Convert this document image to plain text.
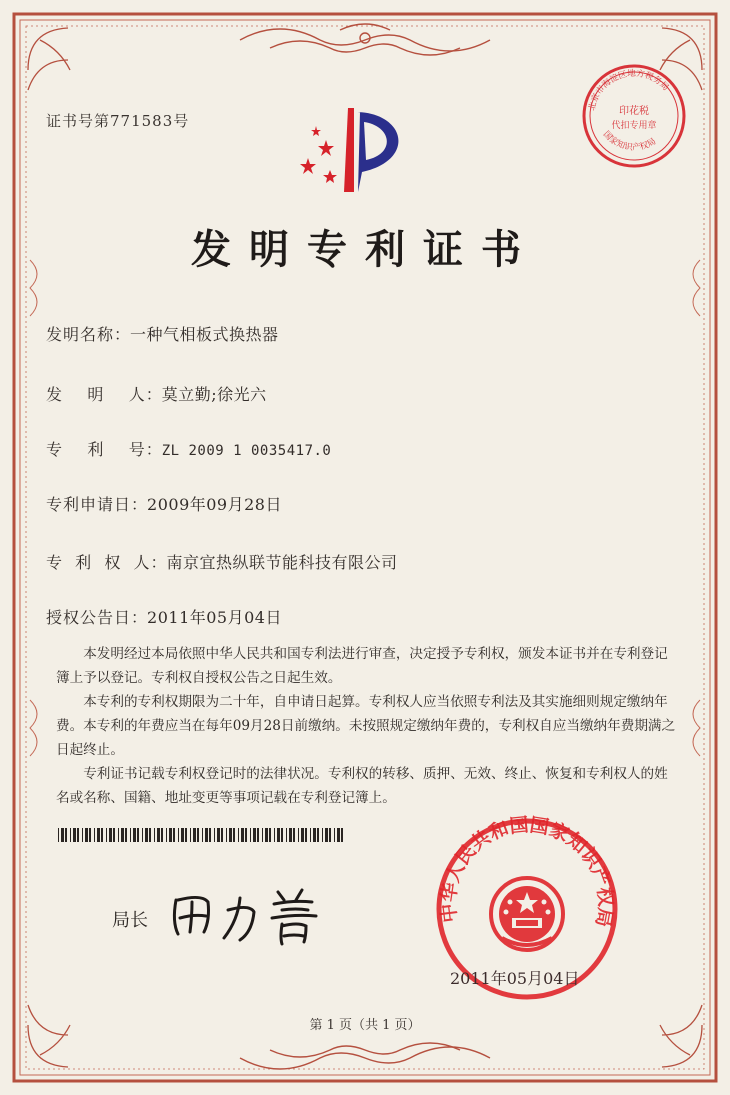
证书号第771583号
北京市海淀区地方税务局
印花税
代扣专用章
国家知识产权局
发明专利证书
发明名称：一种气相板式换热器
发    明    人：莫立勤;徐光六
专    利    号：ZL 2009 1 0035417.0
专利申请日：2009年09月28日
专  利  权  人：南京宜热纵联节能科技有限公司
授权公告日：2011年05月04日

本发明经过本局依照中华人民共和国专利法进行审查，决定授予专利权，颁发本证书并在专利登记簿上予以登记。专利权自授权公告之日起生效。

本专利的专利权期限为二十年，自申请日起算。专利权人应当依照专利法及其实施细则规定缴纳年费。本专利的年费应当在每年09月28日前缴纳。未按照规定缴纳年费的，专利权自应当缴纳年费期满之日起终止。

专利证书记载专利权登记时的法律状况。专利权的转移、质押、无效、终止、恢复和专利权人的姓名或名称、国籍、地址变更等事项记载在专利登记簿上。

局长
田力普
中华人民共和国国家知识产权局
2011年05月04日
第 1 页（共 1 页）
